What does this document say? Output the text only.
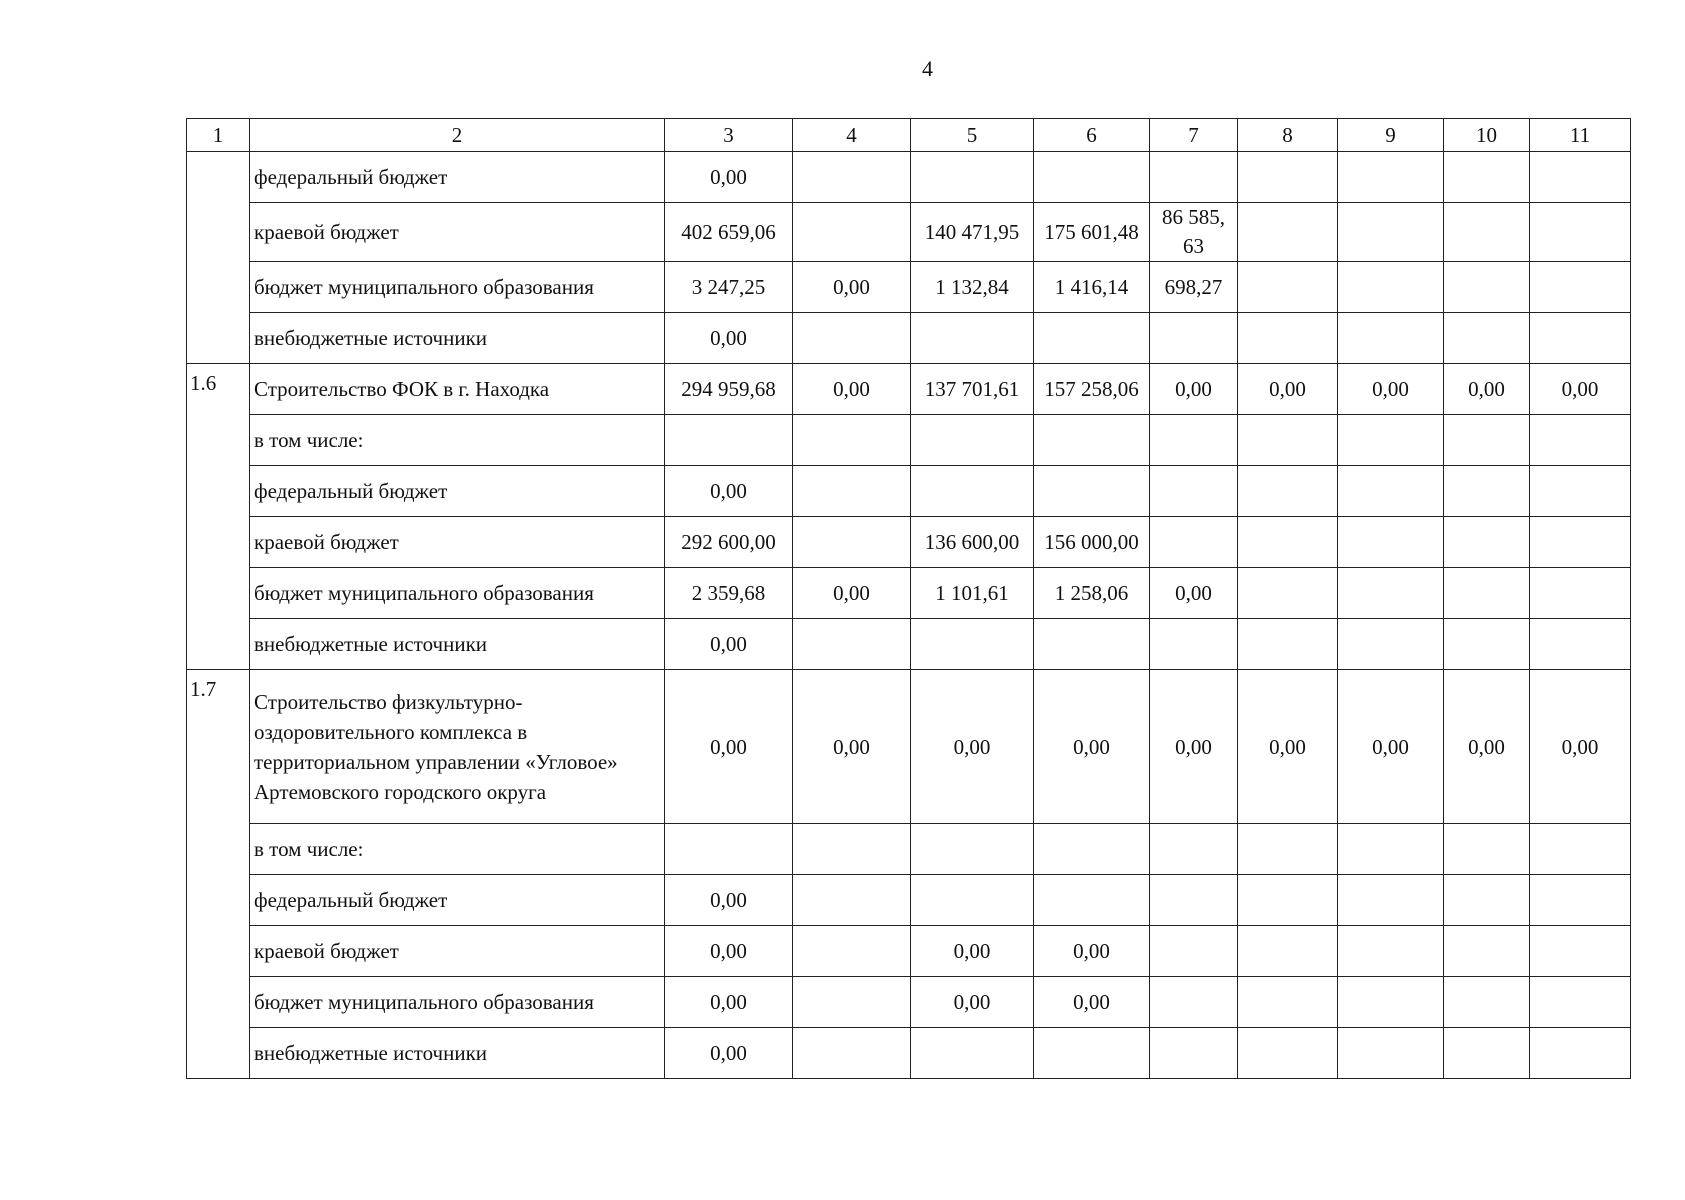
4
1	2	3	4	5	6	7	8	9	10	11
	федеральный бюджет	0,00								
	краевой бюджет	402 659,06		140 471,95	175 601,48	86 585, 63				
	бюджет муниципального образования	3 247,25	0,00	1 132,84	1 416,14	698,27				
	внебюджетные источники	0,00								
1.6	Строительство ФОК в г. Находка	294 959,68	0,00	137 701,61	157 258,06	0,00	0,00	0,00	0,00	0,00
	в том числе:									
	федеральный бюджет	0,00								
	краевой бюджет	292 600,00		136 600,00	156 000,00					
	бюджет муниципального образования	2 359,68	0,00	1 101,61	1 258,06	0,00				
	внебюджетные источники	0,00								
1.7	Строительство физкультурно-оздоровительного комплекса в территориальном управлении «Угловое» Артемовского городского округа	0,00	0,00	0,00	0,00	0,00	0,00	0,00	0,00	0,00
	в том числе:									
	федеральный бюджет	0,00								
	краевой бюджет	0,00		0,00	0,00					
	бюджет муниципального образования	0,00		0,00	0,00					
	внебюджетные источники	0,00								
